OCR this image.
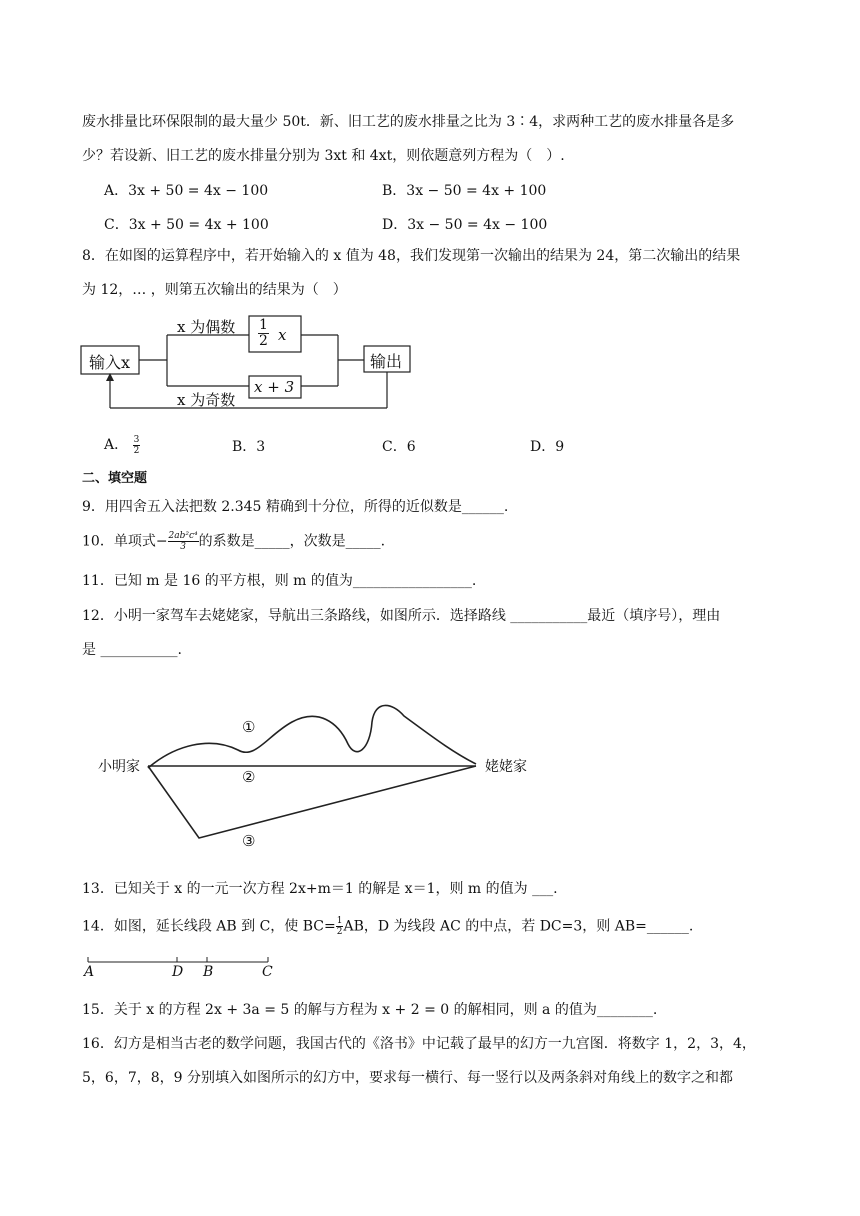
废水排量比环保限制的最大量少 50t．新、旧工艺的废水排量之比为 3∶4，求两种工艺的废水排量各是多
少？若设新、旧工艺的废水排量分别为 3xt 和 4xt，则依题意列方程为（　）.
A．3x + 50 = 4x − 100	B．3x − 50 = 4x + 100
C．3x + 50 = 4x + 100	D．3x − 50 = 4x − 100
8．在如图的运算程序中，若开始输入的 x 值为 48，我们发现第一次输出的结果为 24，第二次输出的结果
为 12，… ，则第五次输出的结果为（　）
输入x
x 为偶数
x 为奇数
$\frac{1}{2}$ x
x + 3
输出
A． $\frac{3}{2}$	B．3	C．6	D．9
二、填空题
9．用四舍五入法把数 2.345 精确到十分位，所得的近似数是______.
10．单项式− $\frac{\text{2ab²c⁴}}{3}$ 的系数是_____，次数是_____.
11．已知 m 是 16 的平方根，则 m 的值为_________________.
12．小明一家驾车去姥姥家，导航出三条路线，如图所示．选择路线 ___________最近（填序号），理由
是 ___________.
小明家	姥姥家
①
②
③
13．已知关于 x 的一元一次方程 2x+m＝1 的解是 x＝1，则 m 的值为 ___.
14．如图，延长线段 AB 到 C，使 $BC= \frac{1}{2}$ AB，D 为线段 AC 的中点，若 DC=3，则 AB=______.
A	D B	C
15．关于 x 的方程 2x + 3a = 5 的解与方程为 x + 2 = 0 的解相同，则 a 的值为________.
16．幻方是相当古老的数学问题，我国古代的《洛书》中记载了最早的幻方一九宫图．将数字 1，2，3，4，
5，6，7，8，9 分别填入如图所示的幻方中，要求每一横行、每一竖行以及两条斜对角线上的数字之和都
